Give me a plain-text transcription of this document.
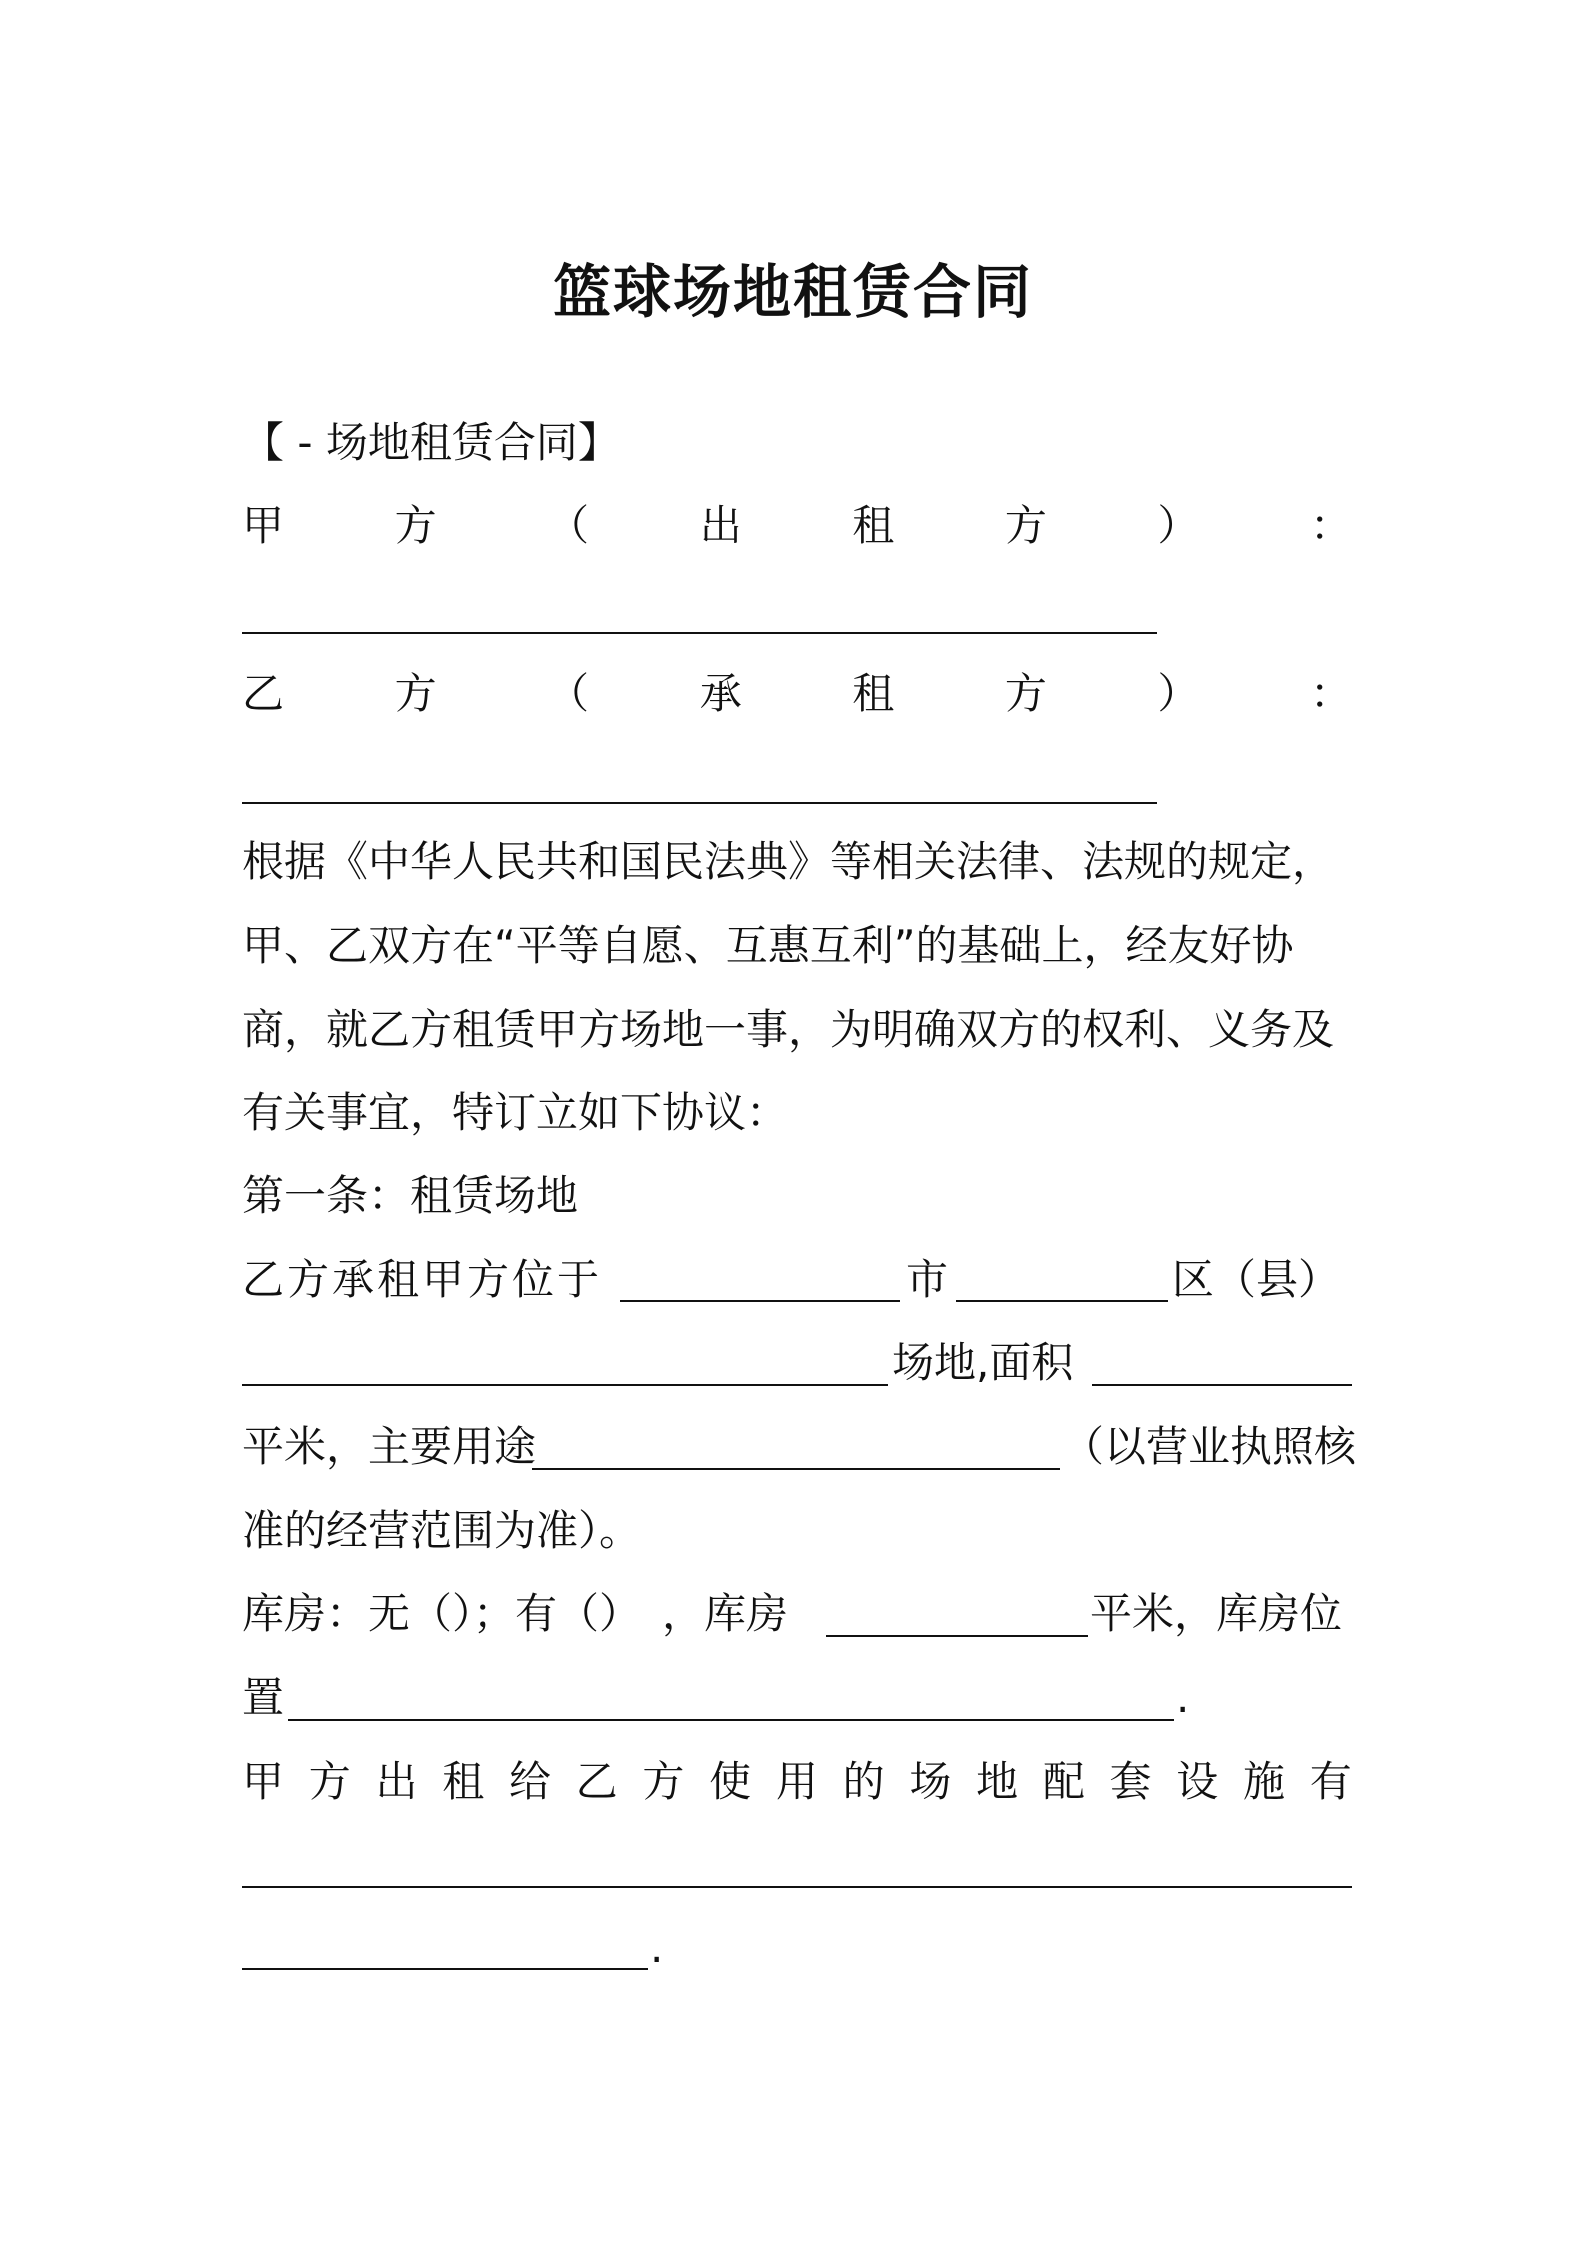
篮球场地租赁合同
【 - 场地租赁合同】
甲	方	（	出	租	方	）	：
乙	方	（	承	租	方	）	：
根据《中华人民共和国民法典》等相关法律、法规的规定，
甲、乙双方在“平等自愿、互惠互利”的基础上，经友好协
商，就乙方租赁甲方场地一事，为明确双方的权利、义务及
有关事宜，特订立如下协议：
第一条：租赁场地
乙方承租甲方位于	市	区（县）
场地,面积
平米，主要用途	（以营业执照核
准的经营范围为准）。
库房：无（）；有（）　，库房	平米，库房位
置	.
甲 方 出 租 给 乙 方 使 用 的 场 地 配 套 设 施 有
.
